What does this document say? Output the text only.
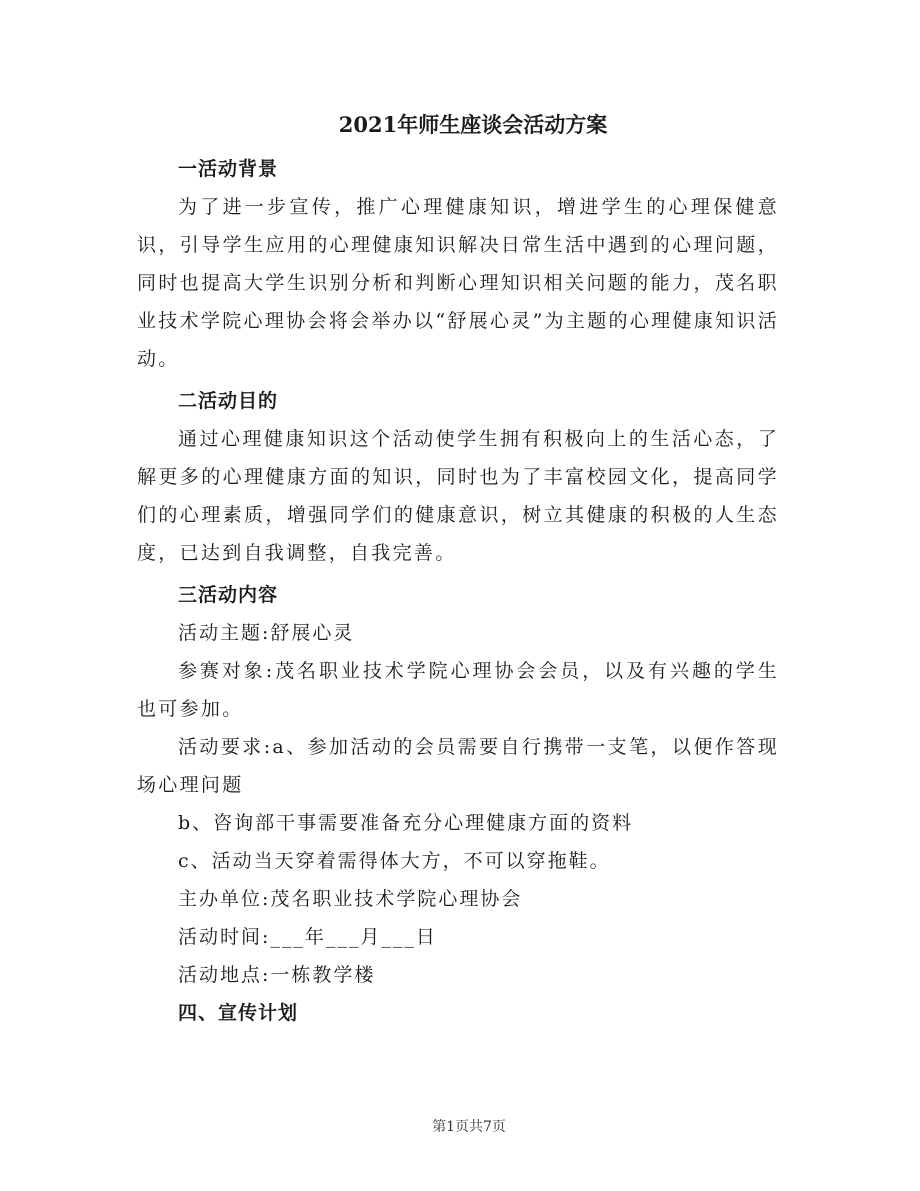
2021年师生座谈会活动方案
一活动背景

为了进一步宣传，推广心理健康知识，增进学生的心理保健意识，引导学生应用的心理健康知识解决日常生活中遇到的心理问题，同时也提高大学生识别分析和判断心理知识相关问题的能力，茂名职业技术学院心理协会将会举办以“舒展心灵”为主题的心理健康知识活动。

二活动目的

通过心理健康知识这个活动使学生拥有积极向上的生活心态，了解更多的心理健康方面的知识，同时也为了丰富校园文化，提高同学们的心理素质，增强同学们的健康意识，树立其健康的积极的人生态度，已达到自我调整，自我完善。

三活动内容
活动主题:舒展心灵

参赛对象:茂名职业技术学院心理协会会员，以及有兴趣的学生也可参加。

活动要求:a、参加活动的会员需要自行携带一支笔，以便作答现场心理问题

b、咨询部干事需要准备充分心理健康方面的资料
c、活动当天穿着需得体大方，不可以穿拖鞋。
主办单位:茂名职业技术学院心理协会
活动时间:___年___月___日
活动地点:一栋教学楼
四、宣传计划
第1页共7页
